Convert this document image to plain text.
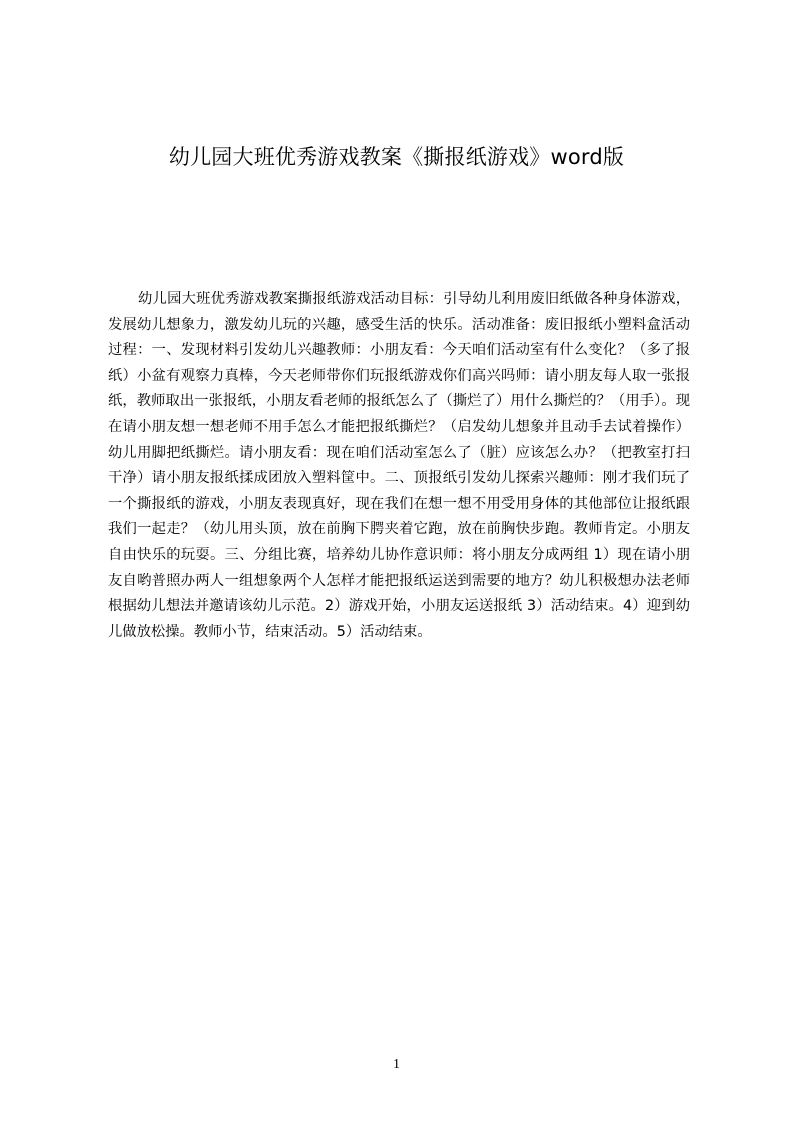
幼儿园大班优秀游戏教案《撕报纸游戏》word版

幼儿园大班优秀游戏教案撕报纸游戏活动目标：引导幼儿利用废旧纸做各种身体游戏，发展幼儿想象力，激发幼儿玩的兴趣，感受生活的快乐。活动准备：废旧报纸小塑料盒活动过程：一、发现材料引发幼儿兴趣教师：小朋友看：今天咱们活动室有什么变化？（多了报纸）小盆有观察力真棒，今天老师带你们玩报纸游戏你们高兴吗师：请小朋友每人取一张报纸，教师取出一张报纸，小朋友看老师的报纸怎么了（撕烂了）用什么撕烂的？（用手）。现在请小朋友想一想老师不用手怎么才能把报纸撕烂？（启发幼儿想象并且动手去试着操作）幼儿用脚把纸撕烂。请小朋友看：现在咱们活动室怎么了（脏）应该怎么办？（把教室打扫干净）请小朋友报纸揉成团放入塑料筐中。二、顶报纸引发幼儿探索兴趣师：刚才我们玩了一个撕报纸的游戏，小朋友表现真好，现在我们在想一想不用受用身体的其他部位让报纸跟我们一起走？（幼儿用头顶，放在前胸下腭夹着它跑，放在前胸快步跑。教师肯定。小朋友自由快乐的玩耍。三、分组比赛，培养幼儿协作意识师：将小朋友分成两组 1）现在请小朋友自哟普照办两人一组想象两个人怎样才能把报纸运送到需要的地方？幼儿积极想办法老师根据幼儿想法并邀请该幼儿示范。2）游戏开始，小朋友运送报纸 3）活动结束。4）迎到幼儿做放松操。教师小节，结束活动。5）活动结束。

1
